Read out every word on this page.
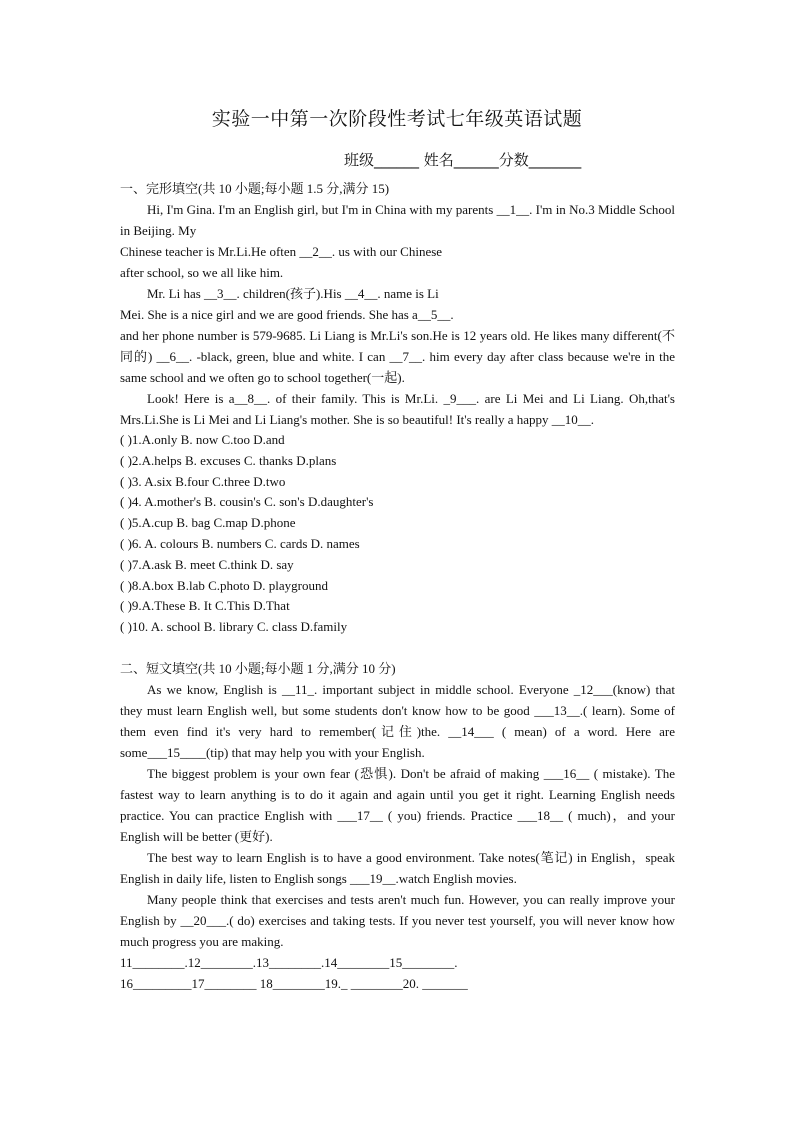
实验一中第一次阶段性考试七年级英语试题
班级______ 姓名______分数_______
一、完形填空(共 10 小题;每小题 1.5 分,满分 15)

Hi, I'm Gina. I'm an English girl, but I'm in China with my parents __1__. I'm in No.3 Middle School in Beijing. My

Chinese teacher is Mr.Li.He often __2__. us with our Chinese

after school, so we all like him.

Mr. Li has __3__. children(孩子).His __4__. name is Li

Mei. She is a nice girl and we are good friends. She has a__5__.

and her phone number is 579-9685. Li Liang is Mr.Li's son.He is 12 years old. He likes many different(不同的) __6__. -black, green, blue and white. I can __7__. him every day after class because we're in the same school and we often go to school together(一起).

Look! Here is a__8__. of their family. This is Mr.Li. _9___. are Li Mei and Li Liang. Oh,that's Mrs.Li.She is Li Mei and Li Liang's mother. She is so beautiful! It's really a happy __10__.

( )1.A.only B. now C.too D.and
( )2.A.helps B. excuses C. thanks D.plans
( )3. A.six B.four C.three D.two
( )4. A.mother's B. cousin's C. son's D.daughter's
( )5.A.cup B. bag C.map D.phone
( )6. A. colours B. numbers C. cards D. names
( )7.A.ask B. meet C.think D. say
( )8.A.box B.lab C.photo D. playground
( )9.A.These B. It C.This D.That
( )10. A. school B. library C. class D.family
二、短文填空(共 10 小题;每小题 1 分,满分 10 分)

As we know, English is __11_. important subject in middle school. Everyone _12___(know) that they must learn English well, but some students don't know how to be good ___13__.( learn). Some of them even find it's very hard to remember(记住)the. __14___ ( mean) of a word. Here are some___15____(tip) that may help you with your English.

The biggest problem is your own fear (恐惧). Don't be afraid of making ___16__ ( mistake). The fastest way to learn anything is to do it again and again until you get it right. Learning English needs practice. You can practice English with ___17__ ( you) friends. Practice ___18__ ( much)，and your English will be better (更好).

The best way to learn English is to have a good environment. Take notes(笔记) in English，speak English in daily life, listen to English songs ___19__.watch English movies.

Many people think that exercises and tests aren't much fun. However, you can really improve your English by __20___.( do) exercises and taking tests. If you never test yourself, you will never know how much progress you are making.

11________.12________.13________.14________15________.
16_________17________ 18________19._ ________20. _______
